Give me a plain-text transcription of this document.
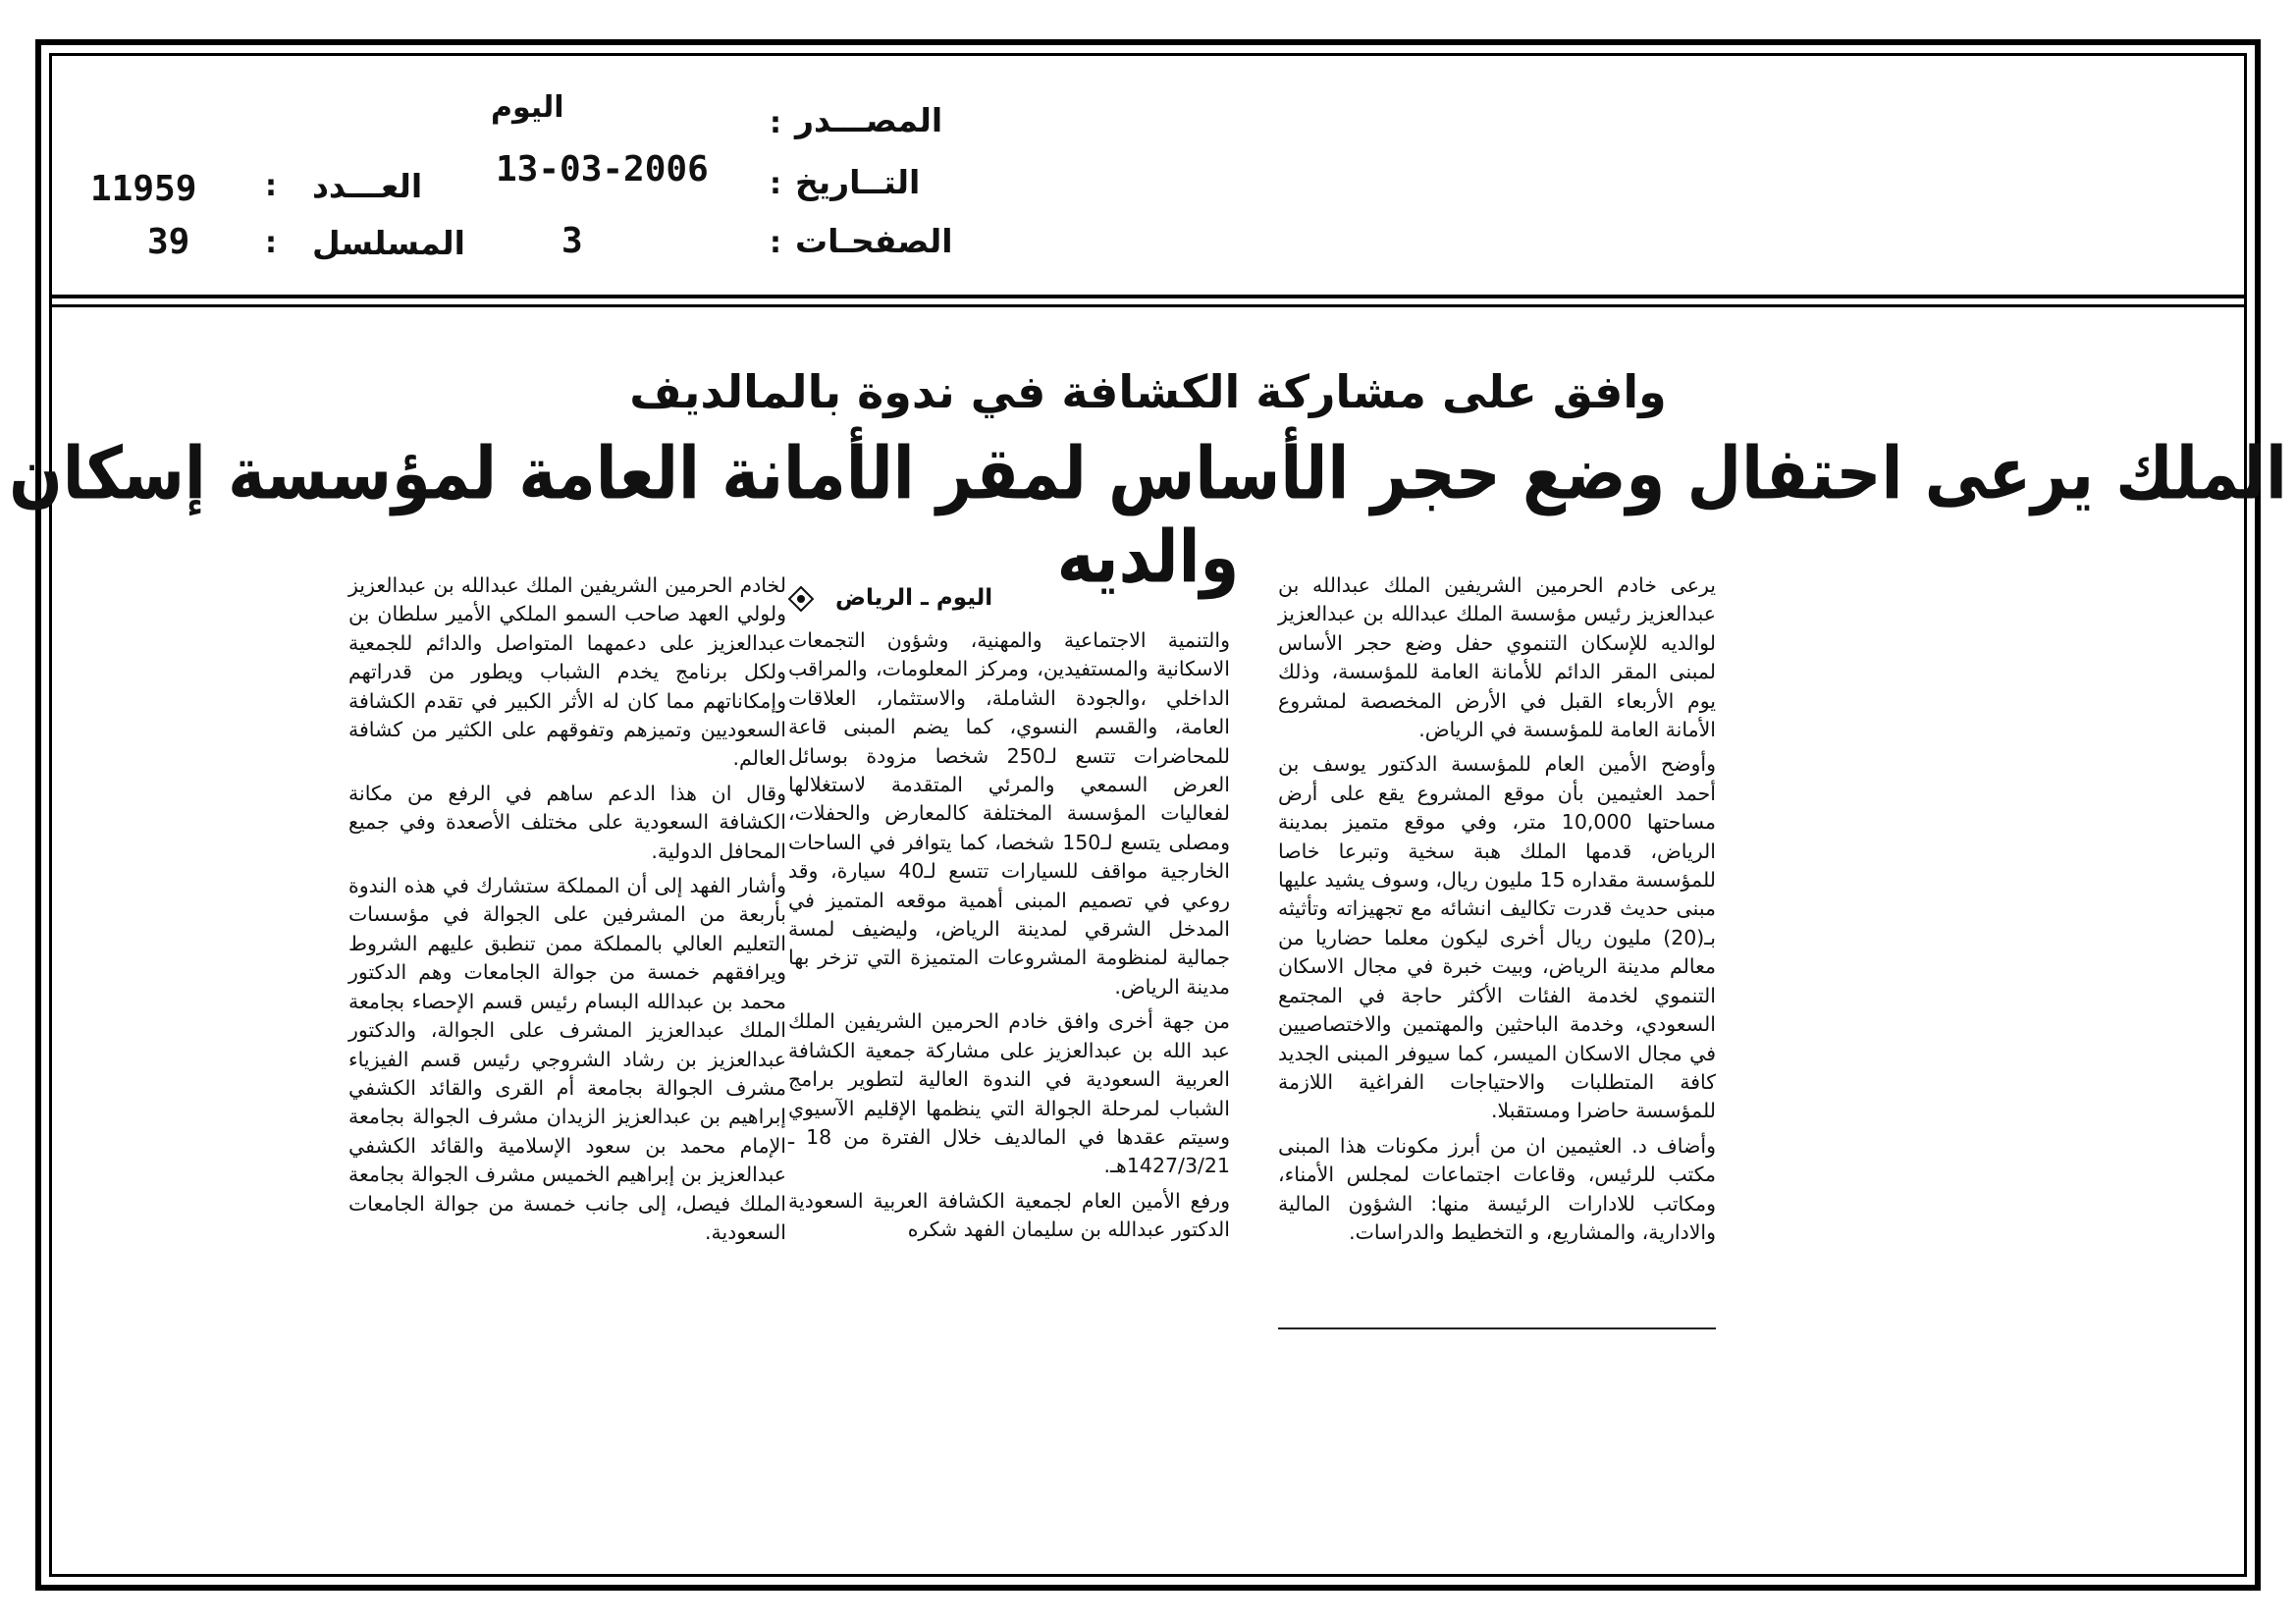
المصـــدر
:
اليوم
التــاريخ
:
13-03-2006
الصفحـات
:
3
العـــدد
:
11959
المسلسل
:
39
وافق على مشاركة الكشافة في ندوة بالمالديف
الملك يرعى احتفال وضع حجر الأساس لمقر الأمانة العامة لمؤسسة إسكان والديه	يرعى خادم الحرمين الشريفين الملك عبدالله بن عبدالعزيز رئيس مؤسسة الملك عبدالله بن عبدالعزيز لوالديه للإسكان التنموي حفل وضع حجر الأساس لمبنى المقر الدائم للأمانة العامة للمؤسسة، وذلك يوم الأربعاء القبل في الأرض المخصصة لمشروع الأمانة العامة للمؤسسة في الرياض.

وأوضح الأمين العام للمؤسسة الدكتور يوسف بن أحمد العثيمين بأن موقع المشروع يقع على أرض مساحتها 10,000 متر، وفي موقع متميز بمدينة الرياض، قدمها الملك هبة سخية وتبرعا خاصا للمؤسسة مقداره 15 مليون ريال، وسوف يشيد عليها مبنى حديث قدرت تكاليف انشائه مع تجهيزاته وتأثيثه بـ(20) مليون ريال أخرى ليكون معلما حضاريا من معالم مدينة الرياض، وبيت خبرة في مجال الاسكان التنموي لخدمة الفئات الأكثر حاجة في المجتمع السعودي، وخدمة الباحثين والمهتمين والاختصاصيين في مجال الاسكان الميسر، كما سيوفر المبنى الجديد كافة المتطلبات والاحتياجات الفراغية اللازمة للمؤسسة حاضرا ومستقبلا.

وأضاف د. العثيمين ان من أبرز مكونات هذا المبنى مكتب للرئيس، وقاعات اجتماعات لمجلس الأمناء، ومكاتب للادارات الرئيسة منها: الشؤون المالية والادارية، والمشاريع، و التخطيط والدراسات.

اليوم ـ الرياض

والتنمية الاجتماعية والمهنية، وشؤون التجمعات الاسكانية والمستفيدين، ومركز المعلومات، والمراقب الداخلي ،والجودة الشاملة، والاستثمار، العلاقات العامة، والقسم النسوي، كما يضم المبنى قاعة للمحاضرات تتسع لـ250 شخصا مزودة بوسائل العرض السمعي والمرئي المتقدمة لاستغلالها لفعاليات المؤسسة المختلفة كالمعارض والحفلات، ومصلى يتسع لـ150 شخصا، كما يتوافر في الساحات الخارجية مواقف للسيارات تتسع لـ40 سيارة، وقد روعي في تصميم المبنى أهمية موقعه المتميز في المدخل الشرقي لمدينة الرياض، وليضيف لمسة جمالية لمنظومة المشروعات المتميزة التي تزخر بها مدينة الرياض.

من جهة أخرى وافق خادم الحرمين الشريفين الملك عبد الله بن عبدالعزيز على مشاركة جمعية الكشافة العربية السعودية في الندوة العالية لتطوير برامج الشباب لمرحلة الجوالة التي ينظمها الإقليم الآسيوي وسيتم عقدها في المالديف خلال الفترة من 18 ـ 1427/3/21هـ.

ورفع الأمين العام لجمعية الكشافة العربية السعودية الدكتور عبدالله بن سليمان الفهد شكره

لخادم الحرمين الشريفين الملك عبدالله بن عبدالعزيز ولولي العهد صاحب السمو الملكي الأمير سلطان بن عبدالعزيز على دعمهما المتواصل والدائم للجمعية ولكل برنامج يخدم الشباب ويطور من قدراتهم وإمكاناتهم مما كان له الأثر الكبير في تقدم الكشافة السعوديين وتميزهم وتفوقهم على الكثير من كشافة العالم.

وقال ان هذا الدعم ساهم في الرفع من مكانة الكشافة السعودية على مختلف الأصعدة وفي جميع المحافل الدولية.

وأشار الفهد إلى أن المملكة ستشارك في هذه الندوة بأربعة من المشرفين على الجوالة في مؤسسات التعليم العالي بالمملكة ممن تنطبق عليهم الشروط ويرافقهم خمسة من جوالة الجامعات وهم الدكتور محمد بن عبدالله البسام رئيس قسم الإحصاء بجامعة الملك عبدالعزيز المشرف على الجوالة، والدكتور عبدالعزيز بن رشاد الشروجي رئيس قسم الفيزياء مشرف الجوالة بجامعة أم القرى والقائد الكشفي إبراهيم بن عبدالعزيز الزيدان مشرف الجوالة بجامعة الإمام محمد بن سعود الإسلامية والقائد الكشفي عبدالعزيز بن إبراهيم الخميس مشرف الجوالة بجامعة الملك فيصل، إلى جانب خمسة من جوالة الجامعات السعودية.
